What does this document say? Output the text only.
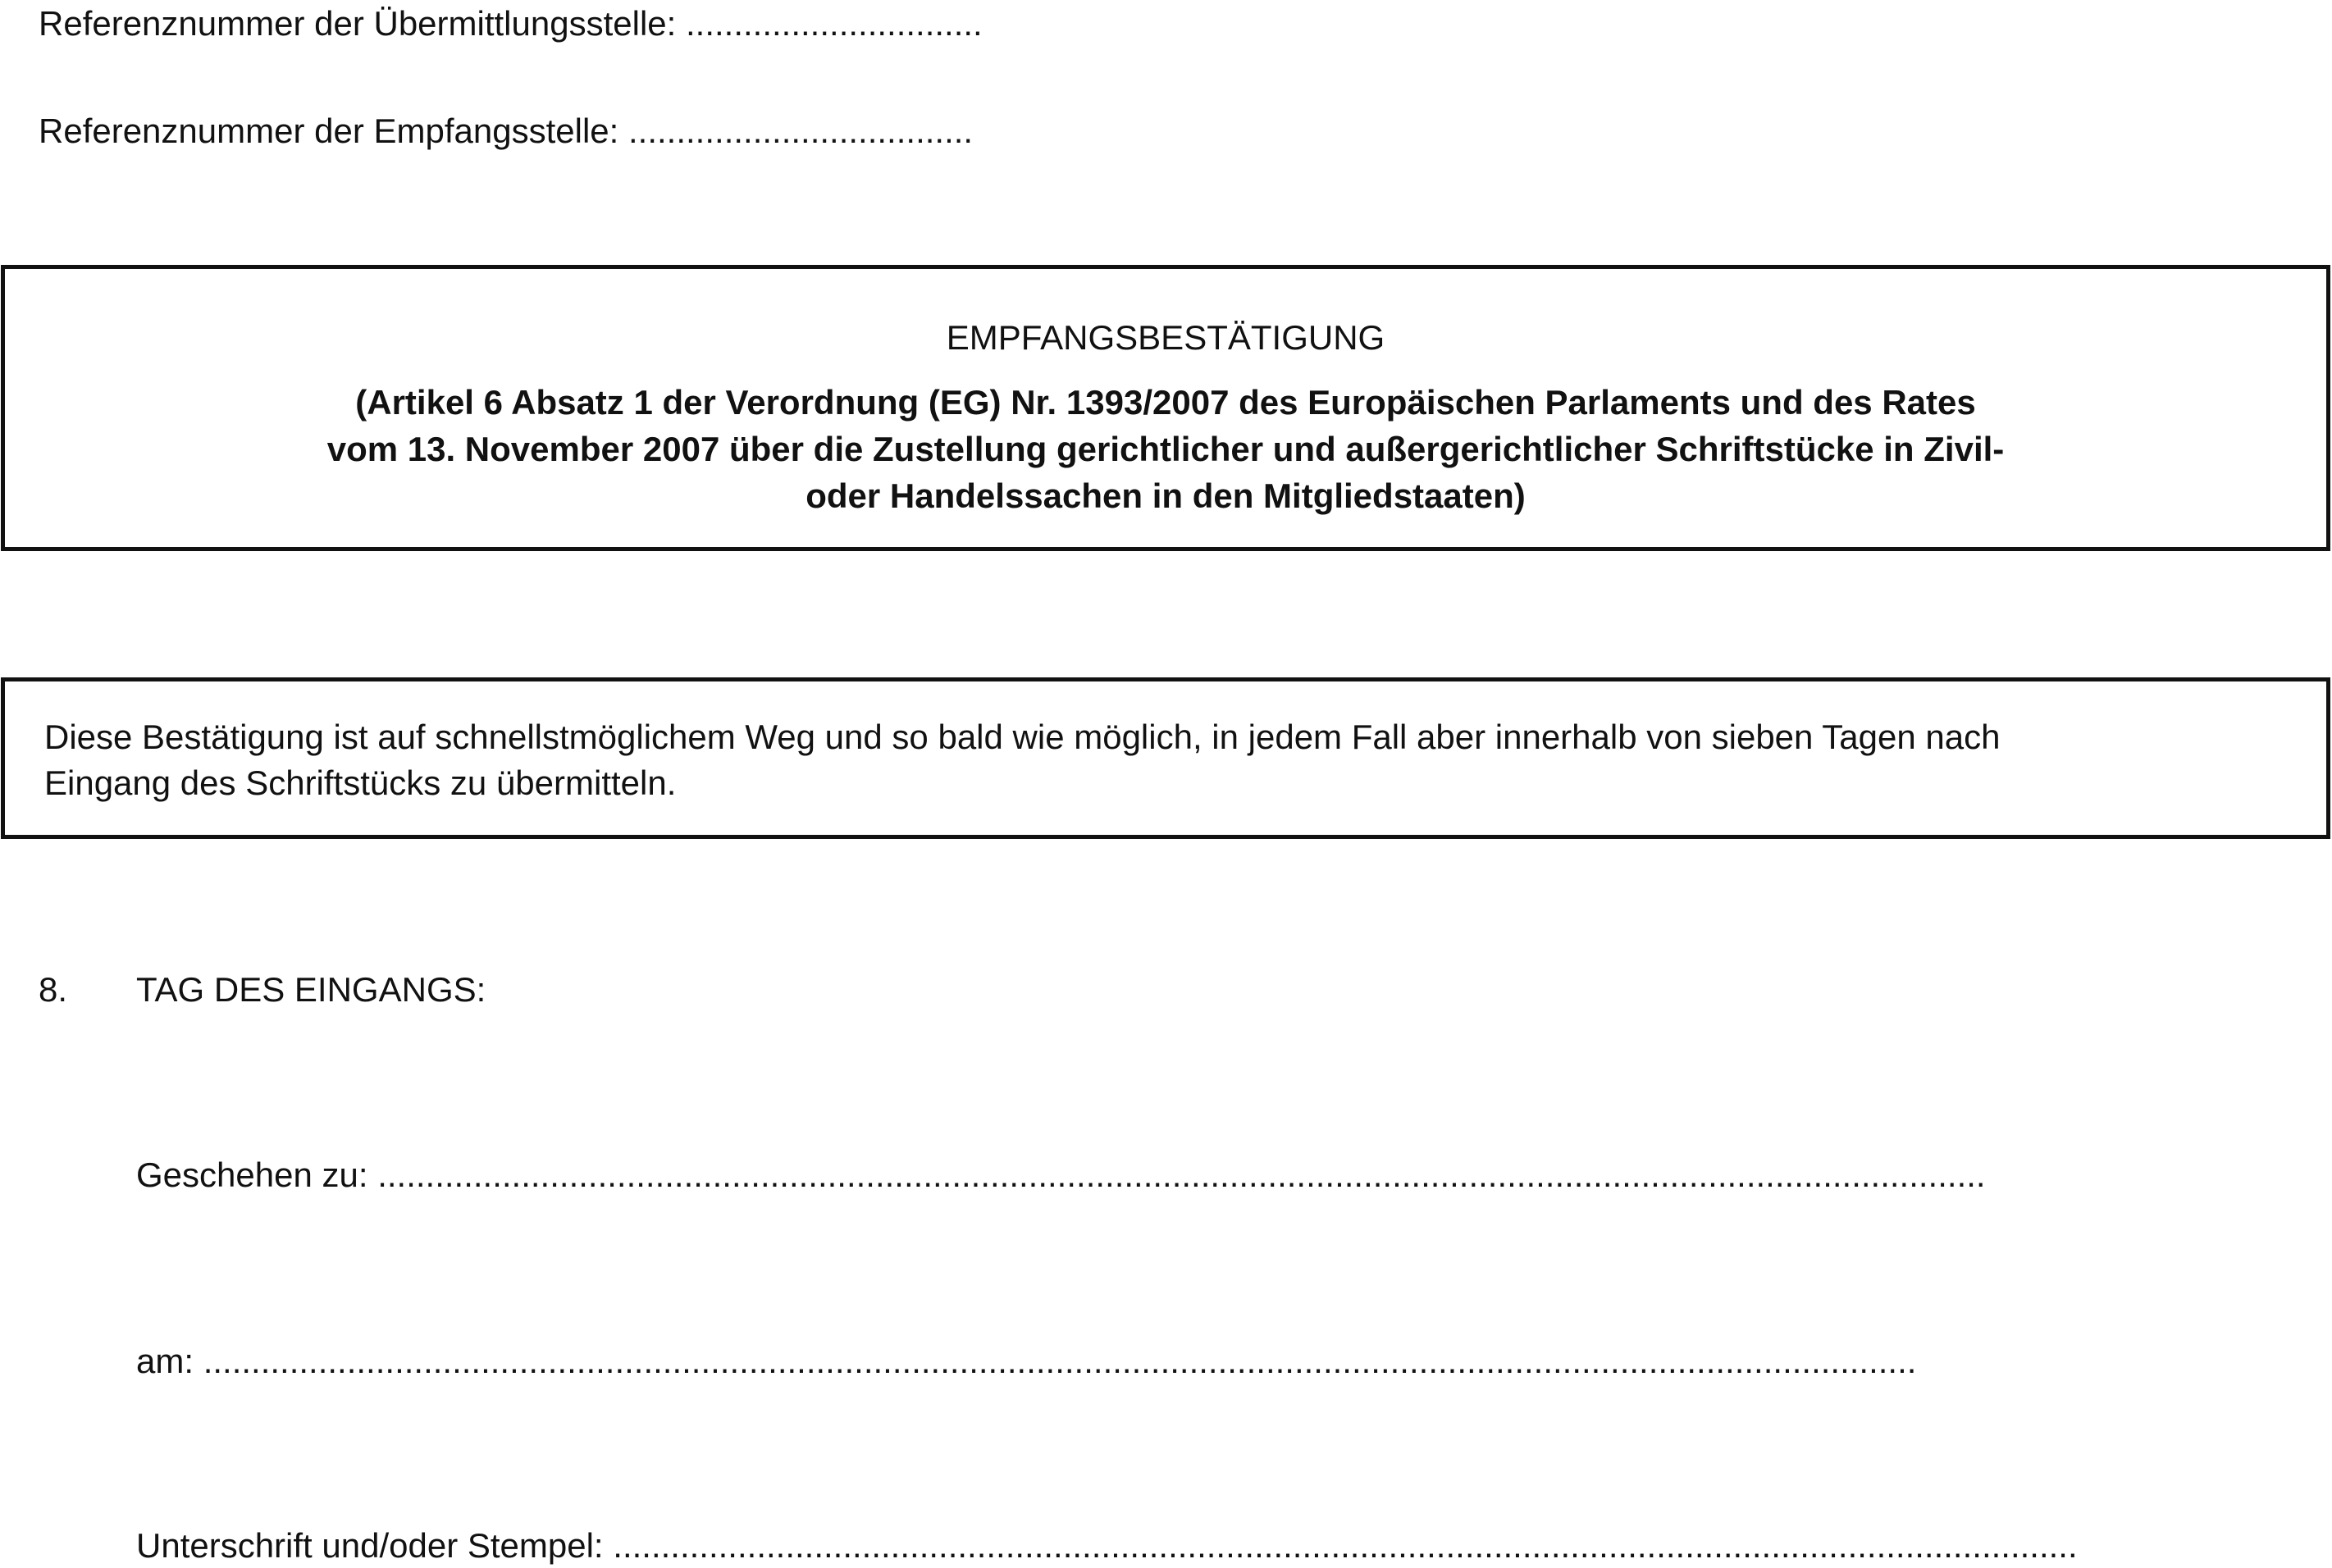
Referenznummer der Übermittlungsstelle: ...............................
Referenznummer der Empfangsstelle: ....................................
EMPFANGSBESTÄTIGUNG
(Artikel 6 Absatz 1 der Verordnung (EG) Nr. 1393/2007 des Europäischen Parlaments und des Rates
vom 13. November 2007 über die Zustellung gerichtlicher und außergerichtlicher Schriftstücke in Zivil-
oder Handelssachen in den Mitgliedstaaten)
Diese Bestätigung ist auf schnellstmöglichem Weg und so bald wie möglich, in jedem Fall aber innerhalb von sieben Tagen nach
Eingang des Schriftstücks zu übermitteln.
8. TAG DES EINGANGS:
Geschehen zu: ........................................................................................................................................................................
am: ...................................................................................................................................................................................
Unterschrift und/oder Stempel: .........................................................................................................................................................
